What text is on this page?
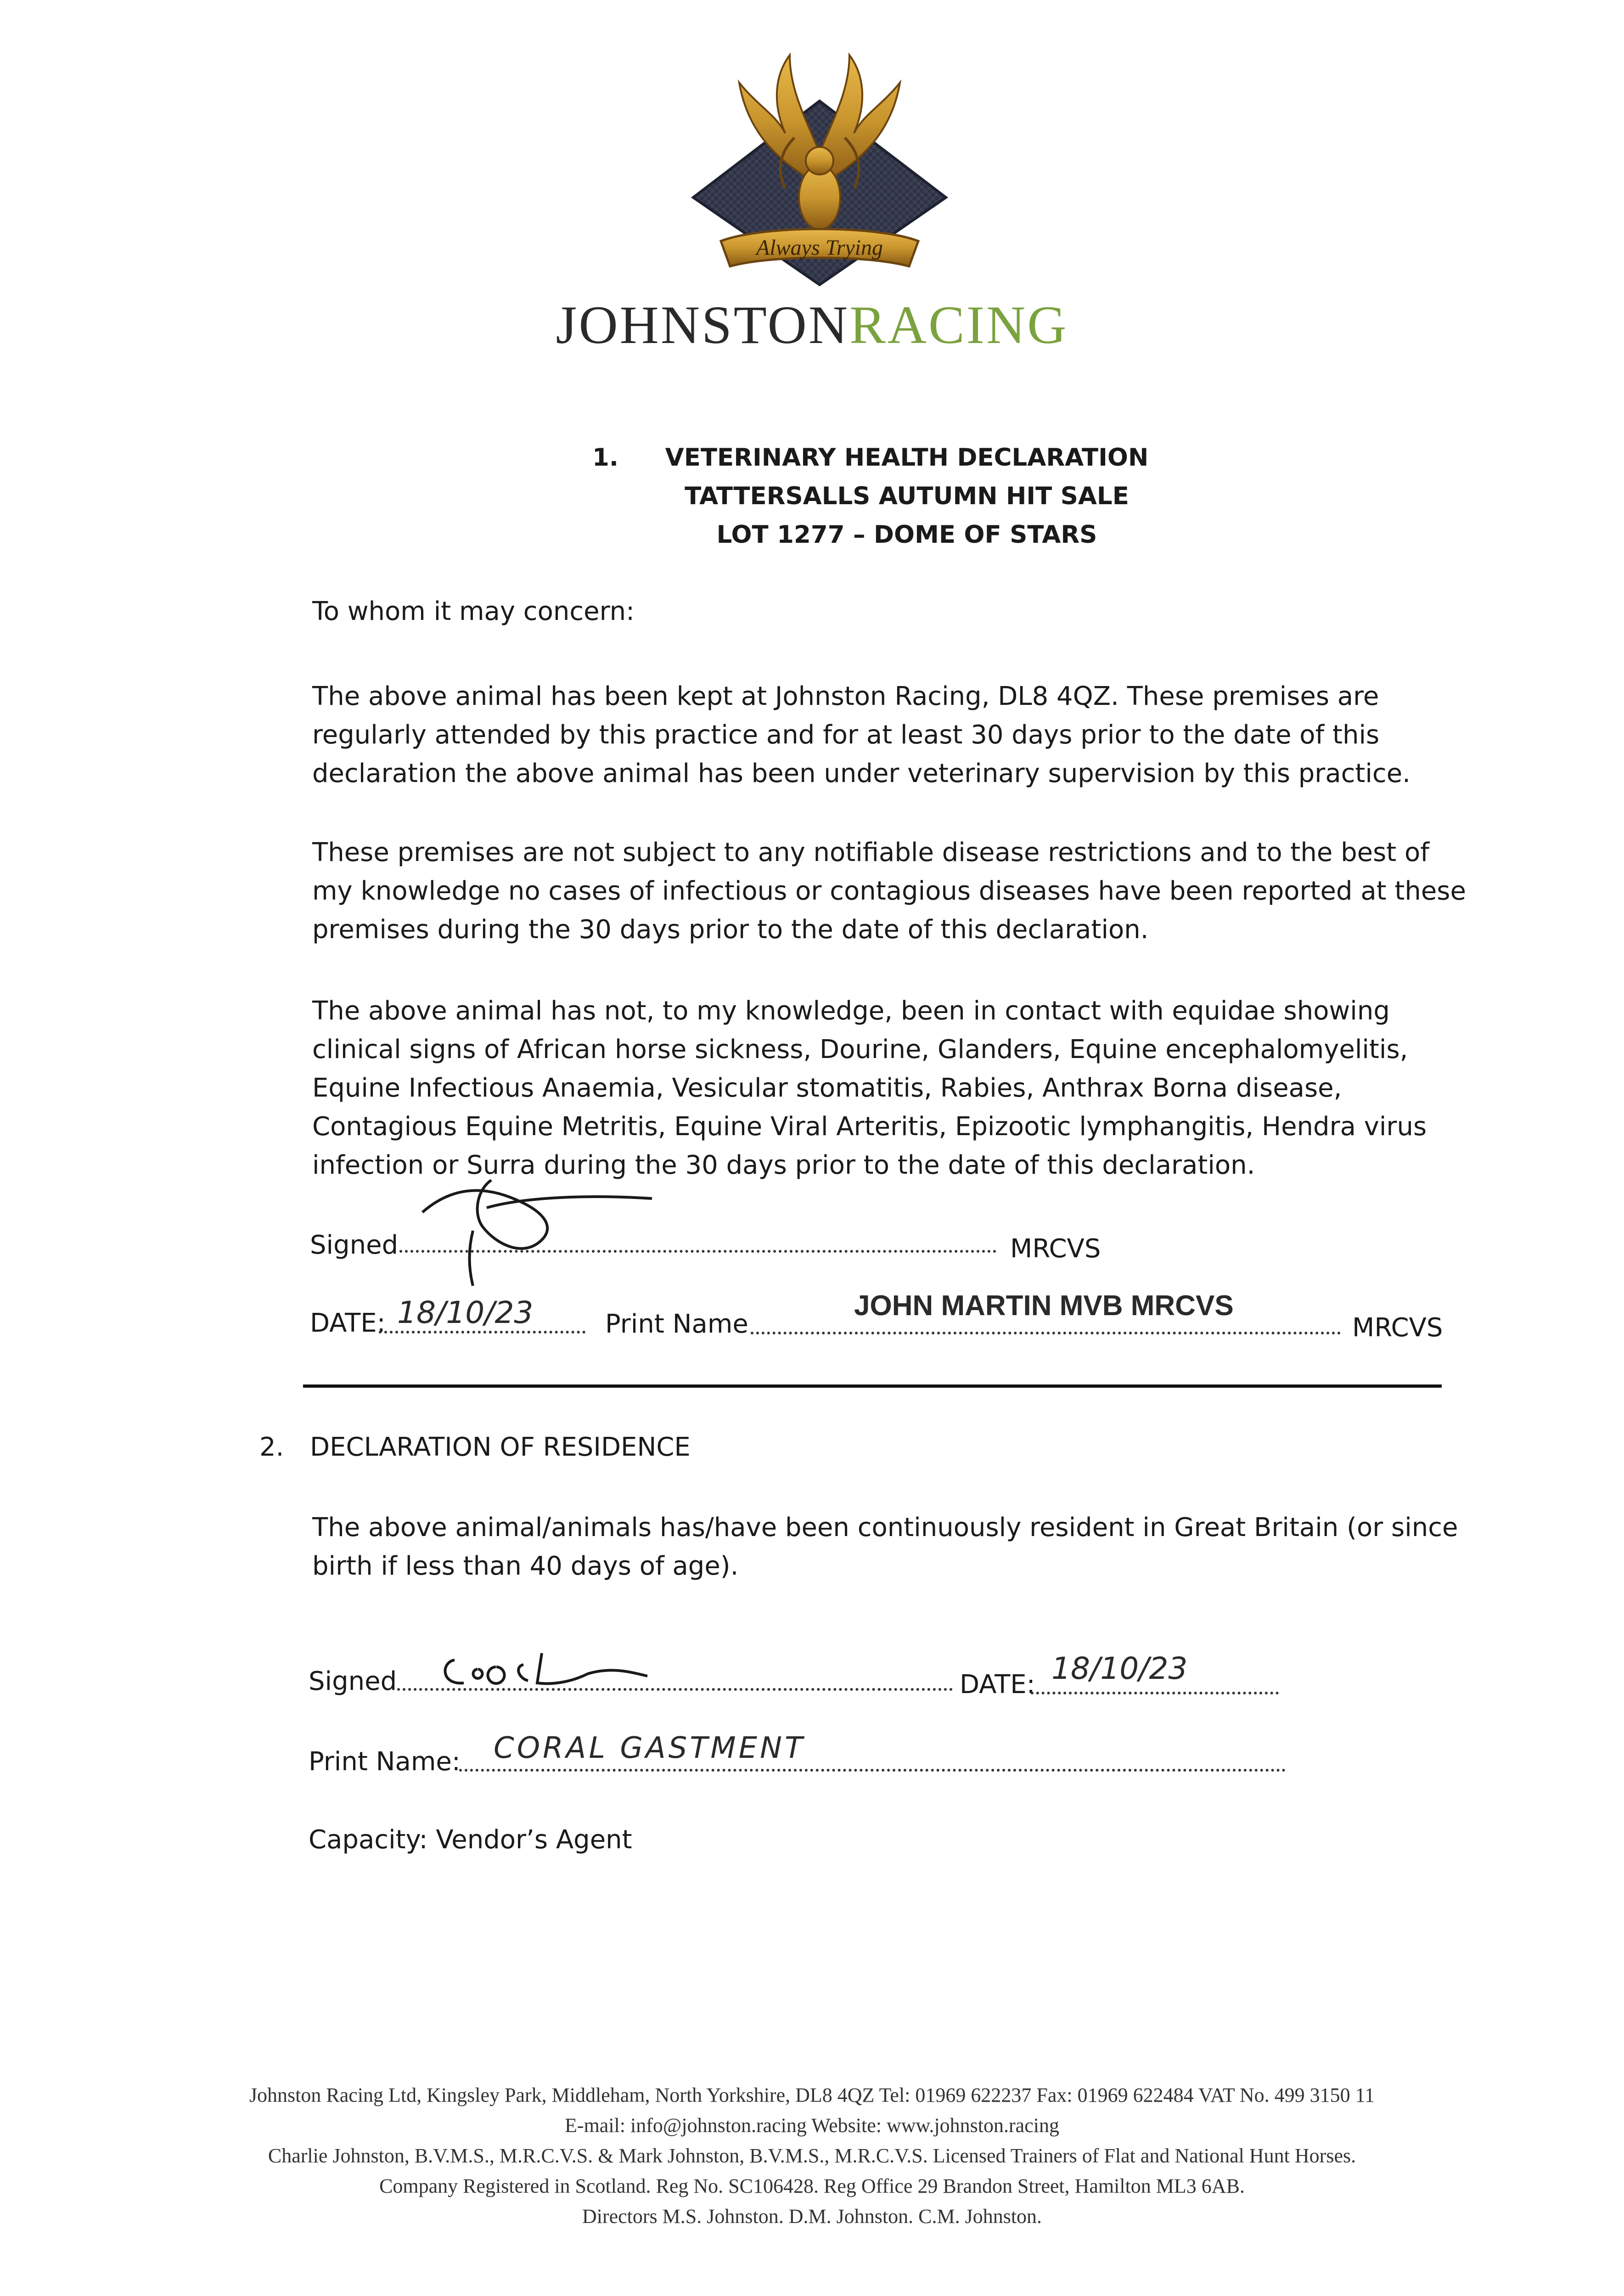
Always Trying
JOHNSTONRACING
1.	VETERINARY HEALTH DECLARATION
TATTERSALLS AUTUMN HIT SALE
LOT 1277 – DOME OF STARS
To whom it may concern:
The above animal has been kept at Johnston Racing, DL8 4QZ. These premises are regularly attended by this practice and for at least 30 days prior to the date of this declaration the above animal has been under veterinary supervision by this practice.
These premises are not subject to any notifiable disease restrictions and to the best of my knowledge no cases of infectious or contagious diseases have been reported at these premises during the 30 days prior to the date of this declaration.
The above animal has not, to my knowledge, been in contact with equidae showing clinical signs of African horse sickness, Dourine, Glanders, Equine encephalomyelitis, Equine Infectious Anaemia, Vesicular stomatitis, Rabies, Anthrax Borna disease, Contagious Equine Metritis, Equine Viral Arteritis, Epizootic lymphangitis, Hendra virus infection or Surra during the 30 days prior to the date of this declaration.
Signed	MRCVS
DATE: 18/10/23	Print Name
JOHN MARTIN MVB MRCVS
MRCVS
2. DECLARATION OF RESIDENCE
The above animal/animals has/have been continuously resident in Great Britain (or since birth if less than 40 days of age).
Signed	DATE: 18/10/23
Print Name: CORAL GASTMENT
Capacity: Vendor’s Agent
Johnston Racing Ltd, Kingsley Park, Middleham, North Yorkshire, DL8 4QZ Tel: 01969 622237 Fax: 01969 622484 VAT No. 499 3150 11
E-mail: info@johnston.racing Website: www.johnston.racing
Charlie Johnston, B.V.M.S., M.R.C.V.S. & Mark Johnston, B.V.M.S., M.R.C.V.S. Licensed Trainers of Flat and National Hunt Horses.
Company Registered in Scotland. Reg No. SC106428. Reg Office 29 Brandon Street, Hamilton ML3 6AB.
Directors M.S. Johnston. D.M. Johnston. C.M. Johnston.
